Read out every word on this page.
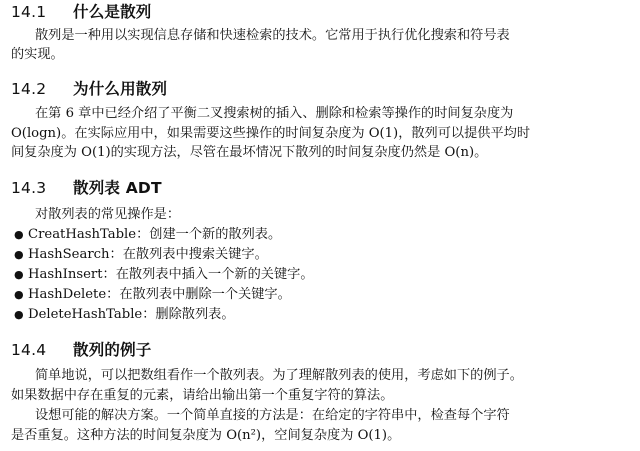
14.1 什么是散列

散列是一种用以实现信息存储和快速检索的技术。它常用于执行优化搜索和符号表

的实现。

14.2 为什么用散列

在第 6 章中已经介绍了平衡二叉搜索树的插入、删除和检索等操作的时间复杂度为

O(logn)。在实际应用中，如果需要这些操作的时间复杂度为 O(1)，散列可以提供平均时

间复杂度为 O(1)的实现方法，尽管在最坏情况下散列的时间复杂度仍然是 O(n)。

14.3 散列表 ADT

对散列表的常见操作是：

● CreatHashTable：创建一个新的散列表。

● HashSearch：在散列表中搜索关键字。

● HashInsert：在散列表中插入一个新的关键字。

● HashDelete：在散列表中删除一个关键字。

● DeleteHashTable：删除散列表。

14.4 散列的例子

简单地说，可以把数组看作一个散列表。为了理解散列表的使用，考虑如下的例子。

如果数据中存在重复的元素，请给出输出第一个重复字符的算法。

设想可能的解决方案。一个简单直接的方法是：在给定的字符串中，检查每个字符

是否重复。这种方法的时间复杂度为 O(n²)，空间复杂度为 O(1)。
